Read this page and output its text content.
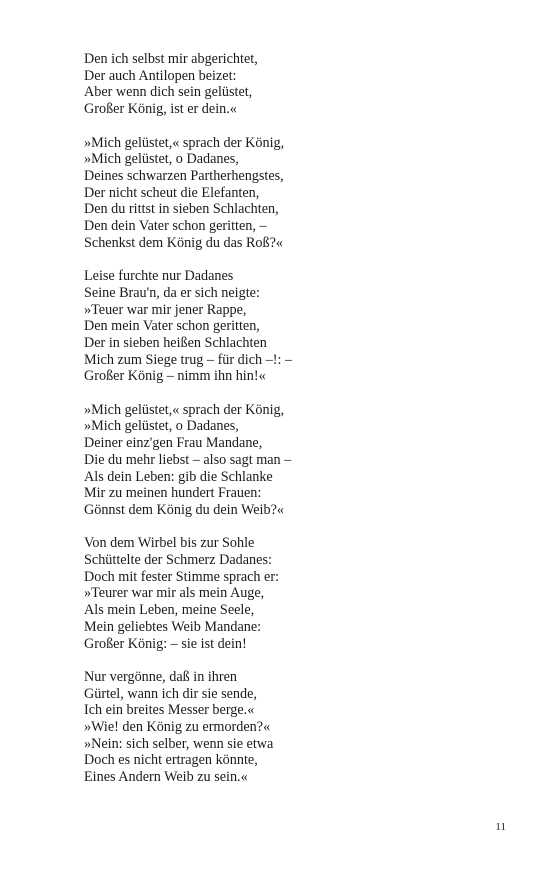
Den ich selbst mir abgerichtet,
Der auch Antilopen beizet:
Aber wenn dich sein gelüstet,
Großer König, ist er dein.«

»Mich gelüstet,« sprach der König,
»Mich gelüstet, o Dadanes,
Deines schwarzen Partherhengstes,
Der nicht scheut die Elefanten,
Den du rittst in sieben Schlachten,
Den dein Vater schon geritten, –
Schenkst dem König du das Roß?«

Leise furchte nur Dadanes
Seine Brau'n, da er sich neigte:
»Teuer war mir jener Rappe,
Den mein Vater schon geritten,
Der in sieben heißen Schlachten
Mich zum Siege trug – für dich –!: –
Großer König – nimm ihn hin!«

»Mich gelüstet,« sprach der König,
»Mich gelüstet, o Dadanes,
Deiner einz'gen Frau Mandane,
Die du mehr liebst – also sagt man –
Als dein Leben: gib die Schlanke
Mir zu meinen hundert Frauen:
Gönnst dem König du dein Weib?«

Von dem Wirbel bis zur Sohle
Schüttelte der Schmerz Dadanes:
Doch mit fester Stimme sprach er:
»Teurer war mir als mein Auge,
Als mein Leben, meine Seele,
Mein geliebtes Weib Mandane:
Großer König: – sie ist dein!

Nur vergönne, daß in ihren
Gürtel, wann ich dir sie sende,
Ich ein breites Messer berge.«
»Wie! den König zu ermorden?«
»Nein: sich selber, wenn sie etwa
Doch es nicht ertragen könnte,
Eines Andern Weib zu sein.«

11
